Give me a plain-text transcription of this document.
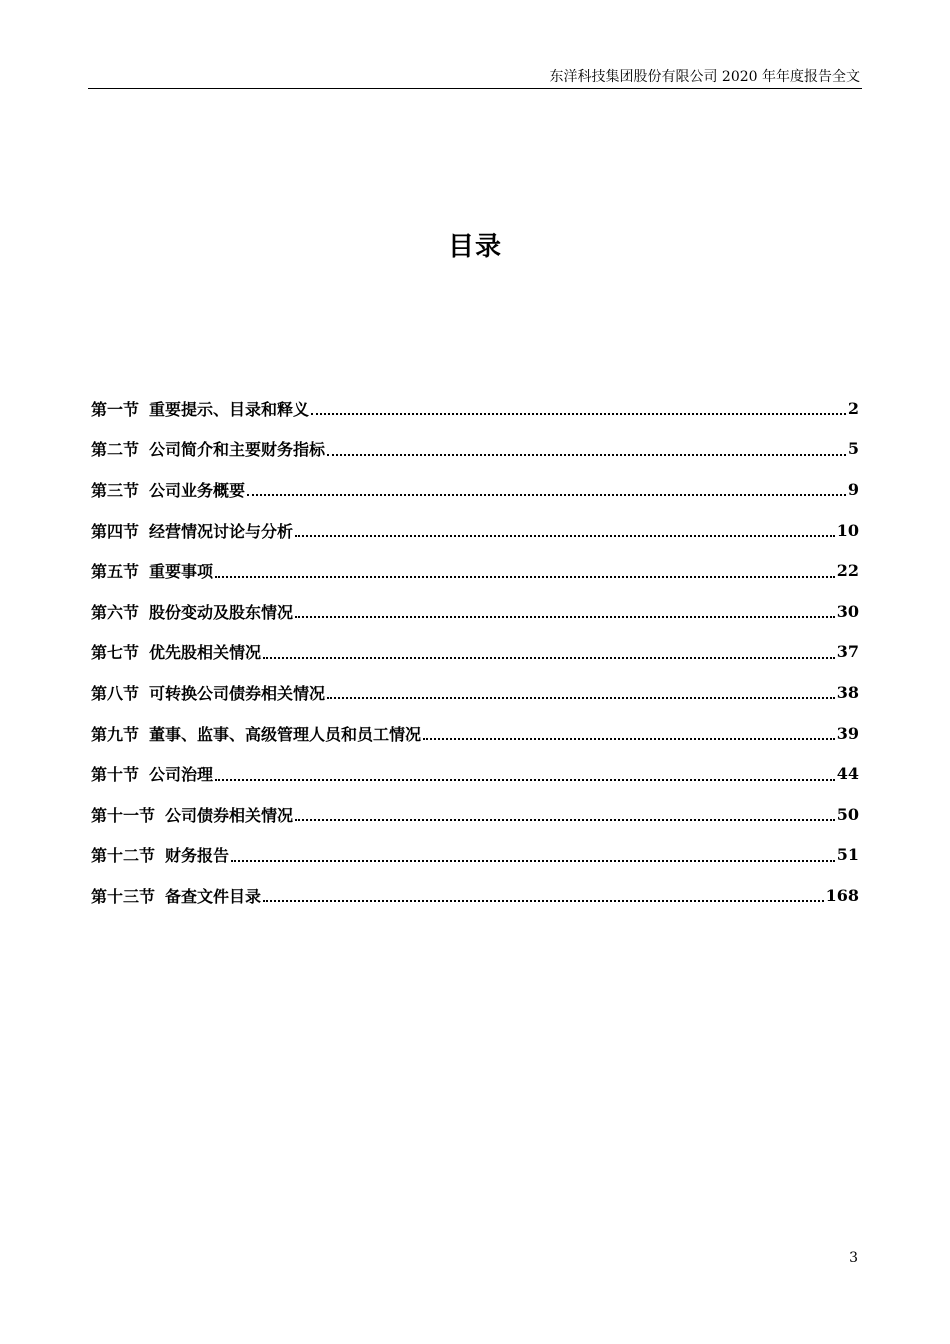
东洋科技集团股份有限公司 2020 年年度报告全文
目录
第一节 重要提示、目录和释义	2
第二节 公司简介和主要财务指标	5
第三节 公司业务概要	9
第四节 经营情况讨论与分析	10
第五节 重要事项	22
第六节 股份变动及股东情况	30
第七节 优先股相关情况	37
第八节 可转换公司债券相关情况	38
第九节 董事、监事、高级管理人员和员工情况	39
第十节 公司治理	44
第十一节 公司债券相关情况	50
第十二节 财务报告	51
第十三节 备查文件目录	168
3
